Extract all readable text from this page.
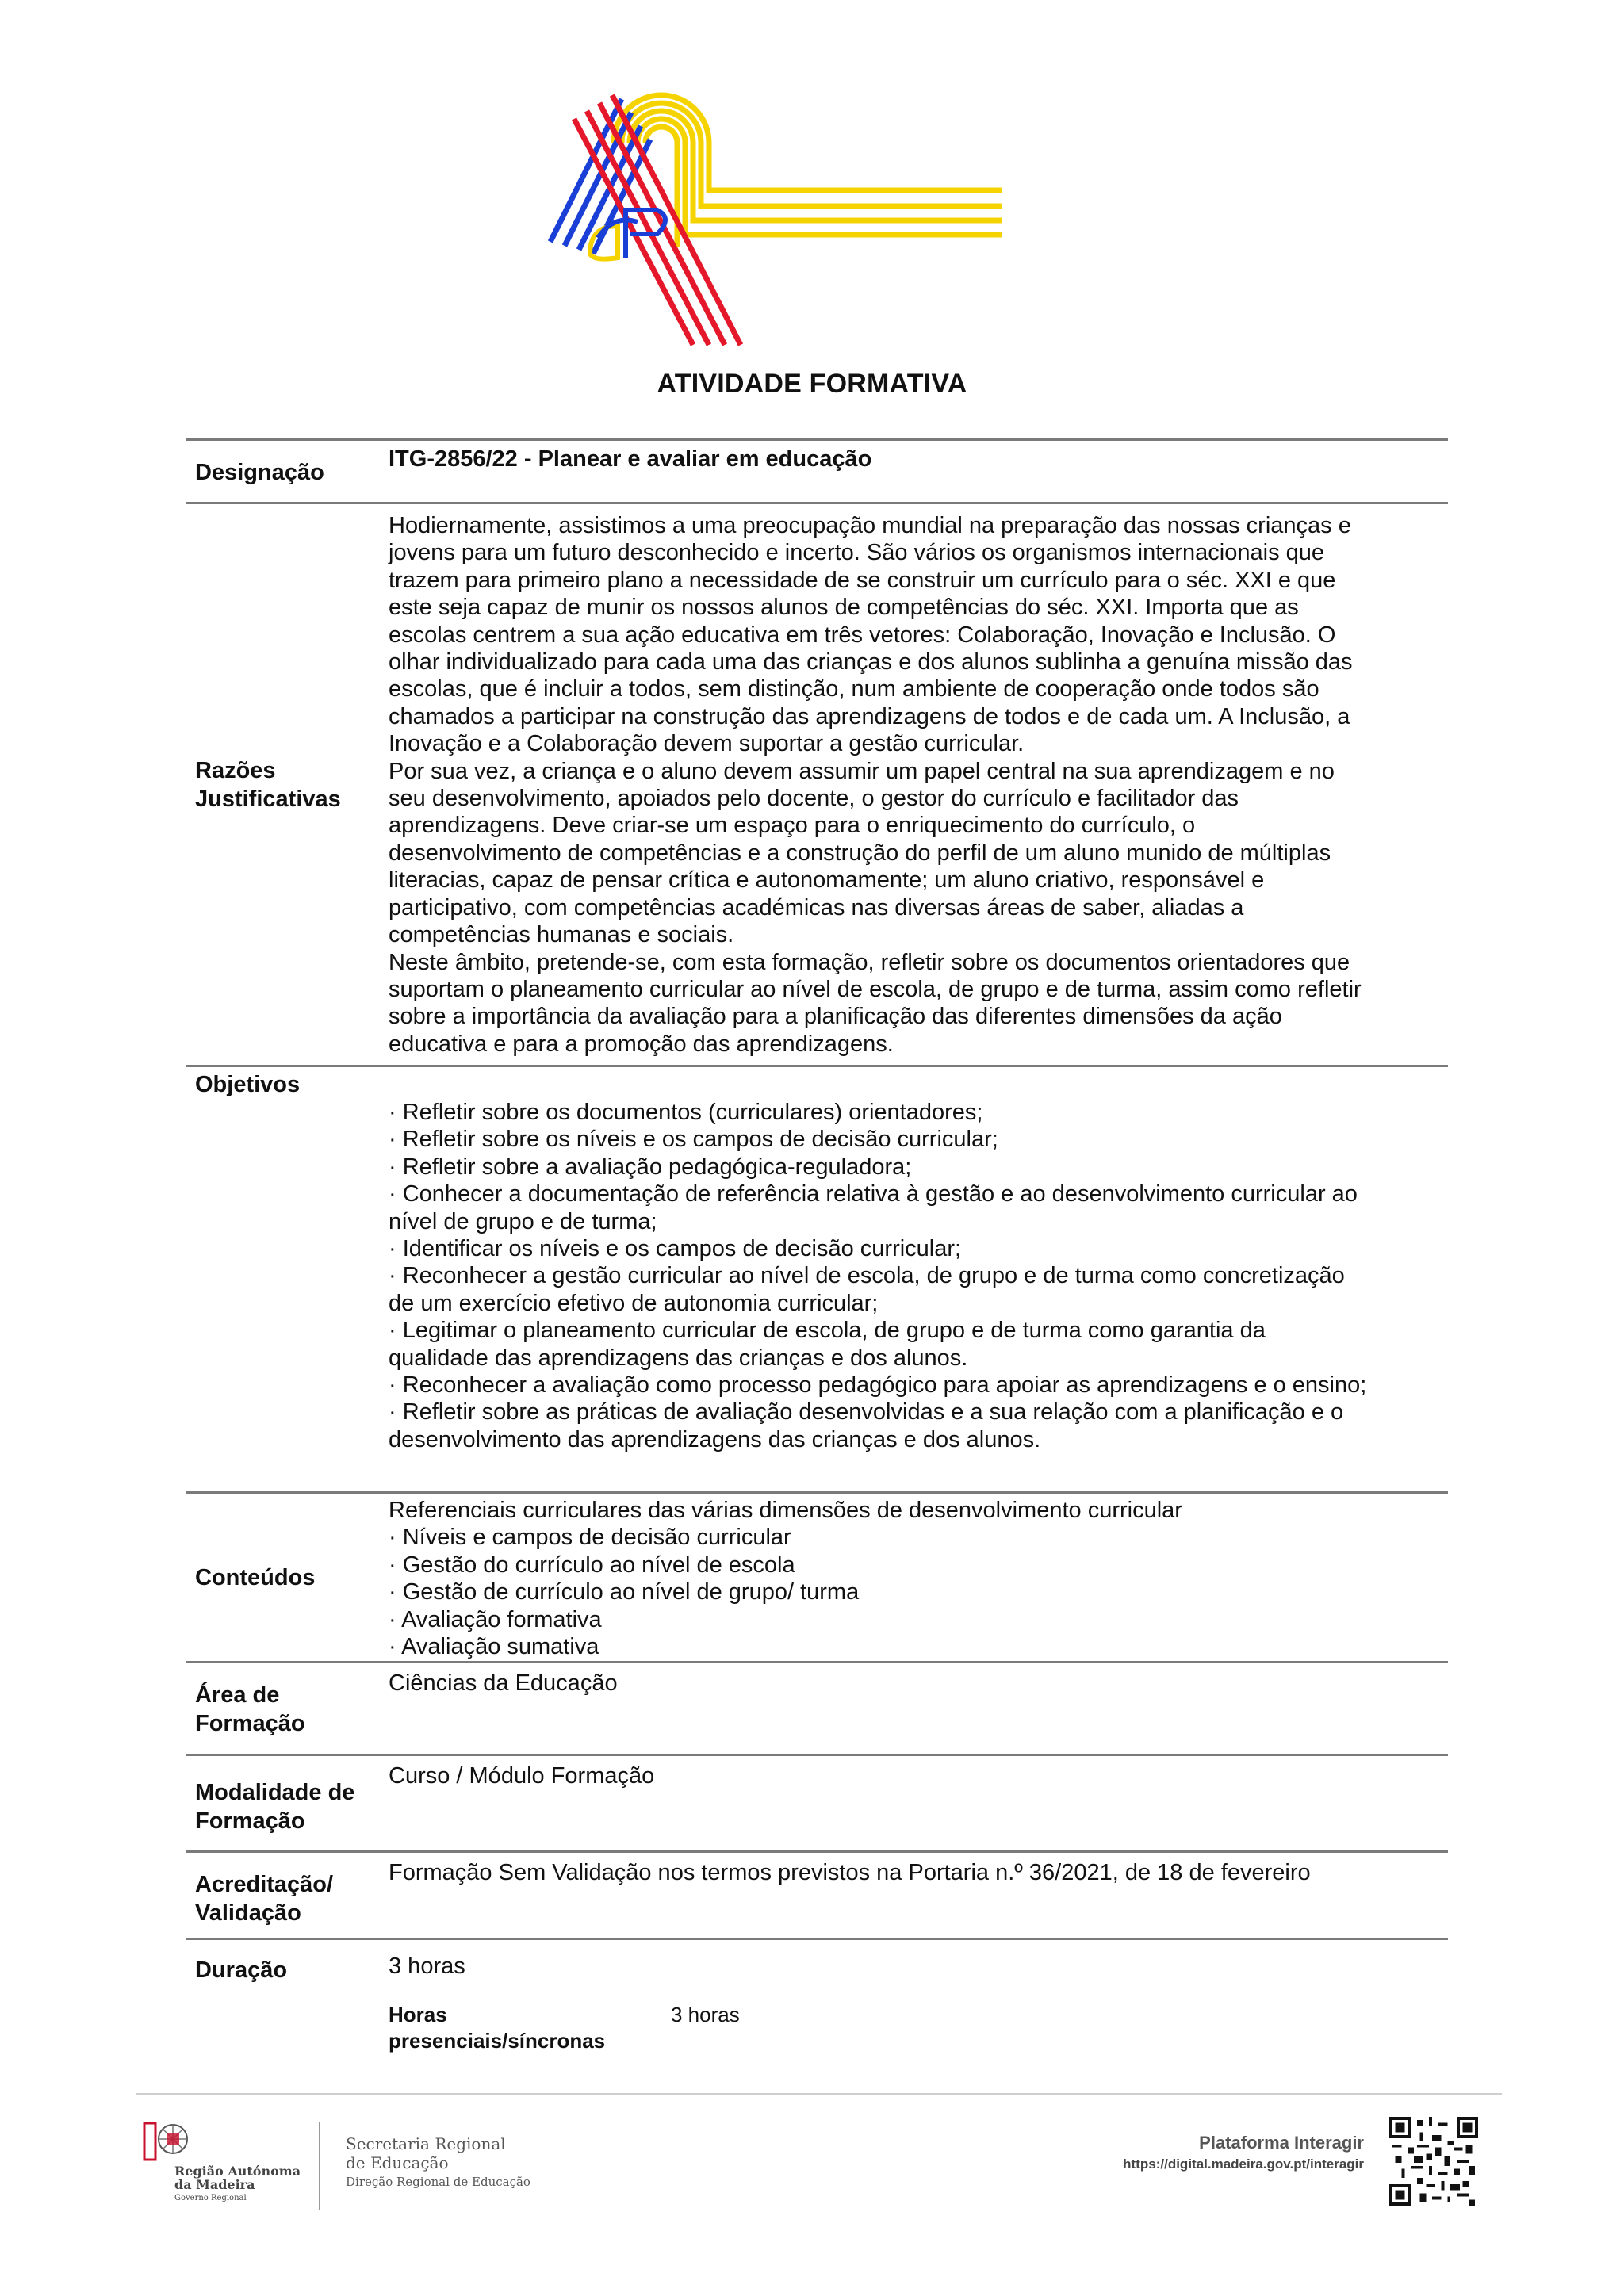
ATIVIDADE FORMATIVA
Designação
ITG-2856/22 - Planear e avaliar em educação
Razões Justificativas
Hodiernamente, assistimos a uma preocupação mundial na preparação das nossas crianças e
jovens para um futuro desconhecido e incerto. São vários os organismos internacionais que
trazem para primeiro plano a necessidade de se construir um currículo para o séc. XXI e que
este seja capaz de munir os nossos alunos de competências do séc. XXI. Importa que as
escolas centrem a sua ação educativa em três vetores: Colaboração, Inovação e Inclusão. O
olhar individualizado para cada uma das crianças e dos alunos sublinha a genuína missão das
escolas, que é incluir a todos, sem distinção, num ambiente de cooperação onde todos são
chamados a participar na construção das aprendizagens de todos e de cada um. A Inclusão, a
Inovação e a Colaboração devem suportar a gestão curricular.
Por sua vez, a criança e o aluno devem assumir um papel central na sua aprendizagem e no
seu desenvolvimento, apoiados pelo docente, o gestor do currículo e facilitador das
aprendizagens. Deve criar-se um espaço para o enriquecimento do currículo, o
desenvolvimento de competências e a construção do perfil de um aluno munido de múltiplas
literacias, capaz de pensar crítica e autonomamente; um aluno criativo, responsável e
participativo, com competências académicas nas diversas áreas de saber, aliadas a
competências humanas e sociais.
Neste âmbito, pretende-se, com esta formação, refletir sobre os documentos orientadores que
suportam o planeamento curricular ao nível de escola, de grupo e de turma, assim como refletir
sobre a importância da avaliação para a planificação das diferentes dimensões da ação
educativa e para a promoção das aprendizagens.
Objetivos
· Refletir sobre os documentos (curriculares) orientadores;
· Refletir sobre os níveis e os campos de decisão curricular;
· Refletir sobre a avaliação pedagógica-reguladora;
· Conhecer a documentação de referência relativa à gestão e ao desenvolvimento curricular ao
nível de grupo e de turma;
· Identificar os níveis e os campos de decisão curricular;
· Reconhecer a gestão curricular ao nível de escola, de grupo e de turma como concretização
de um exercício efetivo de autonomia curricular;
· Legitimar o planeamento curricular de escola, de grupo e de turma como garantia da
qualidade das aprendizagens das crianças e dos alunos.
· Reconhecer a avaliação como processo pedagógico para apoiar as aprendizagens e o ensino;
· Refletir sobre as práticas de avaliação desenvolvidas e a sua relação com a planificação e o
desenvolvimento das aprendizagens das crianças e dos alunos.
Conteúdos
Referenciais curriculares das várias dimensões de desenvolvimento curricular
· Níveis e campos de decisão curricular
· Gestão do currículo ao nível de escola
· Gestão de currículo ao nível de grupo/ turma
· Avaliação formativa
· Avaliação sumativa
Área de
Formação
Ciências da Educação
Modalidade de
Formação
Curso / Módulo Formação
Acreditação/
Validação
Formação Sem Validação nos termos previstos na Portaria n.º 36/2021, de 18 de fevereiro
Duração	3 horas
Horas
presenciais/síncronas
3 horas
Região Autónoma
da Madeira
Governo Regional
Secretaria Regional
de Educação
Direção Regional de Educação
Plataforma Interagir
https://digital.madeira.gov.pt/interagir
